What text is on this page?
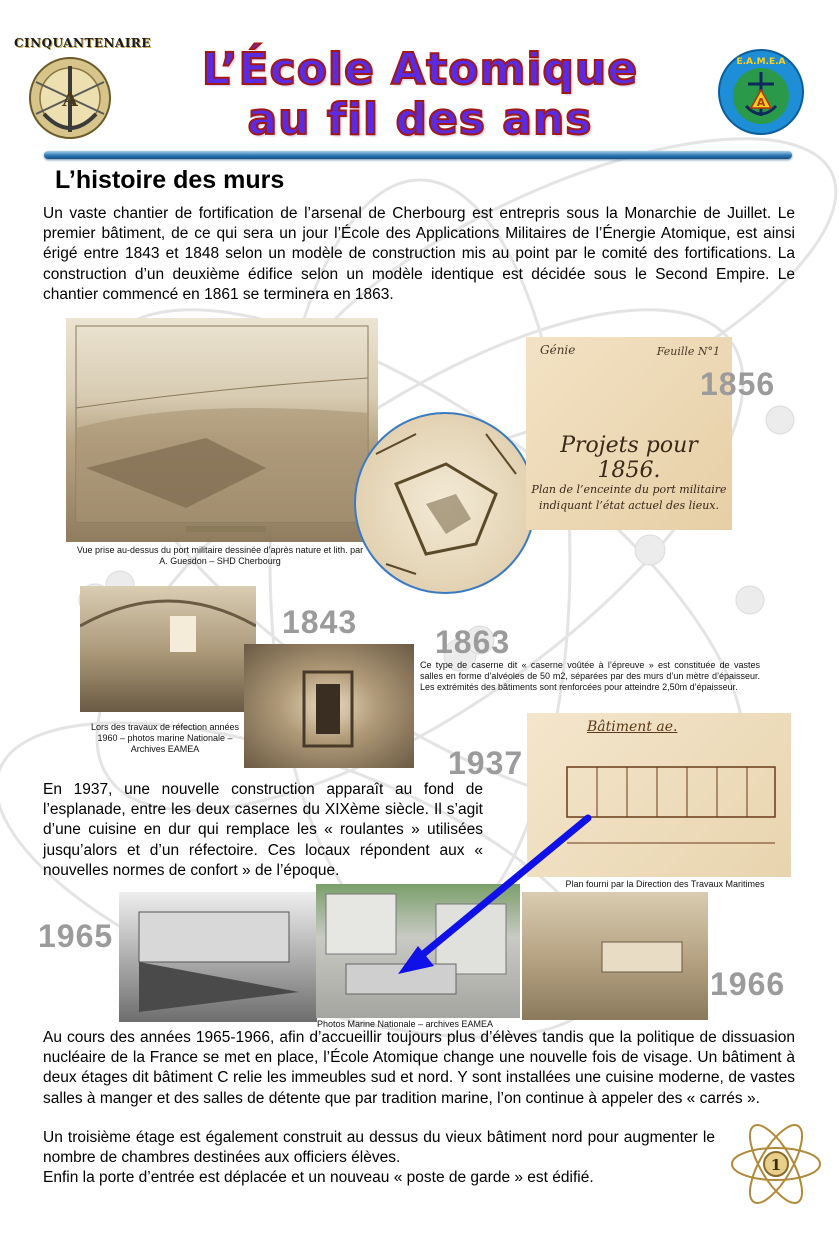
CINQUANTENAIRE
A	A
E.A.M.E.A
L’École Atomique
au fil des ans
L’histoire des murs
Un vaste chantier de fortification de l’arsenal de Cherbourg est entrepris sous la Monarchie de Juillet. Le premier bâtiment, de ce qui sera un jour l’École des Applications Militaires de l’Énergie Atomique, est ainsi érigé entre 1843 et 1848 selon un modèle de construction mis au point par le comité des fortifications. La construction d’un deuxième édifice selon un modèle identique est décidée sous le Second Empire. Le chantier commencé en 1861 se terminera en 1863.
Vue prise au-dessus du port militaire dessinée d’après nature et lith. par A. Guesdon – SHD Cherbourg
Génie	Feuille N°1
Projets pour 1856.
Plan de l’enceinte du port militaire
indiquant l’état actuel des lieux.
1856
Lors des travaux de réfection années 1960 – photos marine Nationale – Archives EAMEA
1843
1863
Ce type de caserne dit « caserne voûtée à l’épreuve » est constituée de vastes salles en forme d’alvéoles de 50 m2, séparées par des murs d’un mètre d’épaisseur. Les extrémités des bâtiments sont renforcées pour atteindre 2,50m d’épaisseur.
Bâtiment ae.
Plan fourni par la Direction des Travaux Maritimes
1937
En 1937, une nouvelle construction apparaît au fond de l’esplanade, entre les deux casernes du XIXème siècle. Il s’agit d’une cuisine en dur qui remplace les « roulantes » utilisées jusqu’alors et d’un réfectoire. Ces locaux répondent aux « nouvelles normes de confort » de l’époque.
Photos Marine Nationale – archives EAMEA
1965
1966
Au cours des années 1965-1966, afin d’accueillir toujours plus d’élèves tandis que la politique de dissuasion nucléaire de la France se met en place, l’École Atomique change une nouvelle fois de visage. Un bâtiment à deux étages dit bâtiment C relie les immeubles sud et nord. Y sont installées une cuisine moderne, de vastes salles à manger et des salles de détente que par tradition marine, l’on continue à appeler des « carrés ».
Un troisième étage est également construit au dessus du vieux bâtiment nord pour augmenter le nombre de chambres destinées aux officiers élèves.
Enfin la porte d’entrée est déplacée et un nouveau « poste de garde » est édifié.
1
